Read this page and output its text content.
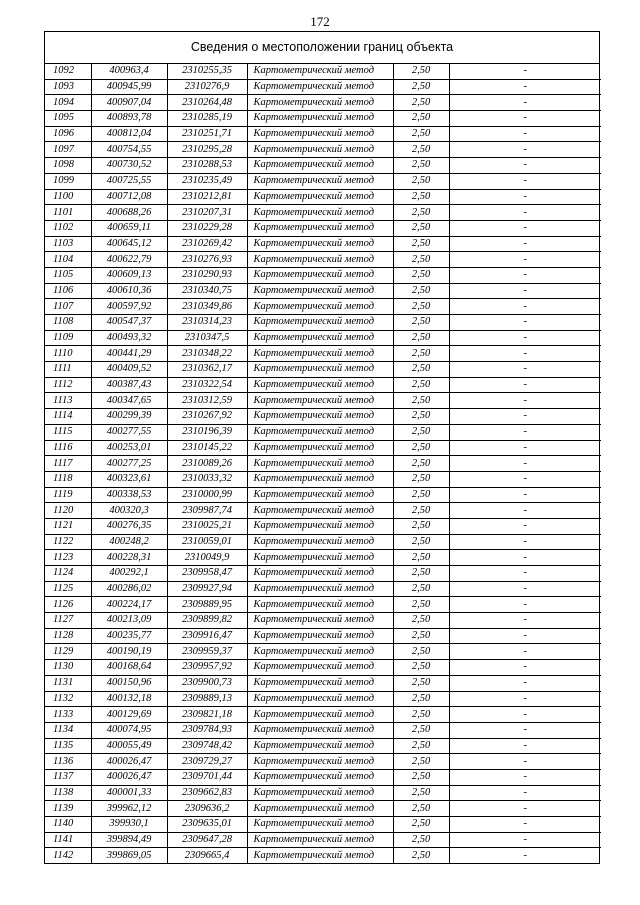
172
Сведения о местоположении границ объекта
1092	400963,4	2310255,35	Картометрический метод	2,50	-
1093	400945,99	2310276,9	Картометрический метод	2,50	-
1094	400907,04	2310264,48	Картометрический метод	2,50	-
1095	400893,78	2310285,19	Картометрический метод	2,50	-
1096	400812,04	2310251,71	Картометрический метод	2,50	-
1097	400754,55	2310295,28	Картометрический метод	2,50	-
1098	400730,52	2310288,53	Картометрический метод	2,50	-
1099	400725,55	2310235,49	Картометрический метод	2,50	-
1100	400712,08	2310212,81	Картометрический метод	2,50	-
1101	400688,26	2310207,31	Картометрический метод	2,50	-
1102	400659,11	2310229,28	Картометрический метод	2,50	-
1103	400645,12	2310269,42	Картометрический метод	2,50	-
1104	400622,79	2310276,93	Картометрический метод	2,50	-
1105	400609,13	2310290,93	Картометрический метод	2,50	-
1106	400610,36	2310340,75	Картометрический метод	2,50	-
1107	400597,92	2310349,86	Картометрический метод	2,50	-
1108	400547,37	2310314,23	Картометрический метод	2,50	-
1109	400493,32	2310347,5	Картометрический метод	2,50	-
1110	400441,29	2310348,22	Картометрический метод	2,50	-
1111	400409,52	2310362,17	Картометрический метод	2,50	-
1112	400387,43	2310322,54	Картометрический метод	2,50	-
1113	400347,65	2310312,59	Картометрический метод	2,50	-
1114	400299,39	2310267,92	Картометрический метод	2,50	-
1115	400277,55	2310196,39	Картометрический метод	2,50	-
1116	400253,01	2310145,22	Картометрический метод	2,50	-
1117	400277,25	2310089,26	Картометрический метод	2,50	-
1118	400323,61	2310033,32	Картометрический метод	2,50	-
1119	400338,53	2310000,99	Картометрический метод	2,50	-
1120	400320,3	2309987,74	Картометрический метод	2,50	-
1121	400276,35	2310025,21	Картометрический метод	2,50	-
1122	400248,2	2310059,01	Картометрический метод	2,50	-
1123	400228,31	2310049,9	Картометрический метод	2,50	-
1124	400292,1	2309958,47	Картометрический метод	2,50	-
1125	400286,02	2309927,94	Картометрический метод	2,50	-
1126	400224,17	2309889,95	Картометрический метод	2,50	-
1127	400213,09	2309899,82	Картометрический метод	2,50	-
1128	400235,77	2309916,47	Картометрический метод	2,50	-
1129	400190,19	2309959,37	Картометрический метод	2,50	-
1130	400168,64	2309957,92	Картометрический метод	2,50	-
1131	400150,96	2309900,73	Картометрический метод	2,50	-
1132	400132,18	2309889,13	Картометрический метод	2,50	-
1133	400129,69	2309821,18	Картометрический метод	2,50	-
1134	400074,95	2309784,93	Картометрический метод	2,50	-
1135	400055,49	2309748,42	Картометрический метод	2,50	-
1136	400026,47	2309729,27	Картометрический метод	2,50	-
1137	400026,47	2309701,44	Картометрический метод	2,50	-
1138	400001,33	2309662,83	Картометрический метод	2,50	-
1139	399962,12	2309636,2	Картометрический метод	2,50	-
1140	399930,1	2309635,01	Картометрический метод	2,50	-
1141	399894,49	2309647,28	Картометрический метод	2,50	-
1142	399869,05	2309665,4	Картометрический метод	2,50	-
